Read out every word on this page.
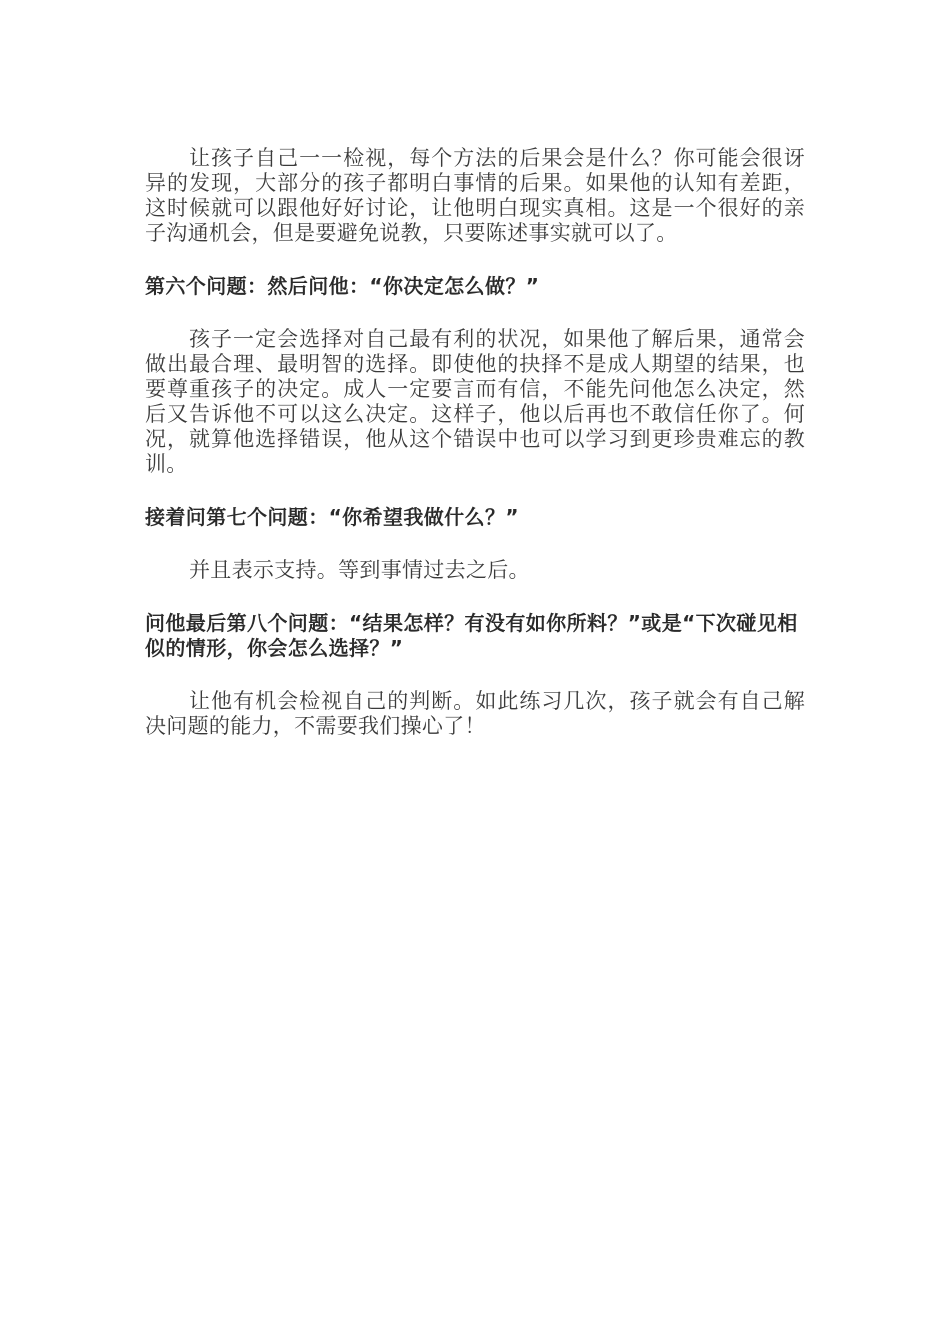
让孩子自己一一检视，每个方法的后果会是什么？你可能会很讶异的发现，大部分的孩子都明白事情的后果。如果他的认知有差距，这时候就可以跟他好好讨论，让他明白现实真相。这是一个很好的亲子沟通机会，但是要避免说教，只要陈述事实就可以了。

第六个问题：然后问他：“你决定怎么做？”

孩子一定会选择对自己最有利的状况，如果他了解后果，通常会做出最合理、最明智的选择。即使他的抉择不是成人期望的结果，也要尊重孩子的决定。成人一定要言而有信，不能先问他怎么决定，然后又告诉他不可以这么决定。这样子，他以后再也不敢信任你了。何况，就算他选择错误，他从这个错误中也可以学习到更珍贵难忘的教训。

接着问第七个问题：“你希望我做什么？”

并且表示支持。等到事情过去之后。

问他最后第八个问题：“结果怎样？有没有如你所料？”或是“下次碰见相似的情形，你会怎么选择？”

让他有机会检视自己的判断。如此练习几次，孩子就会有自己解决问题的能力，不需要我们操心了！
